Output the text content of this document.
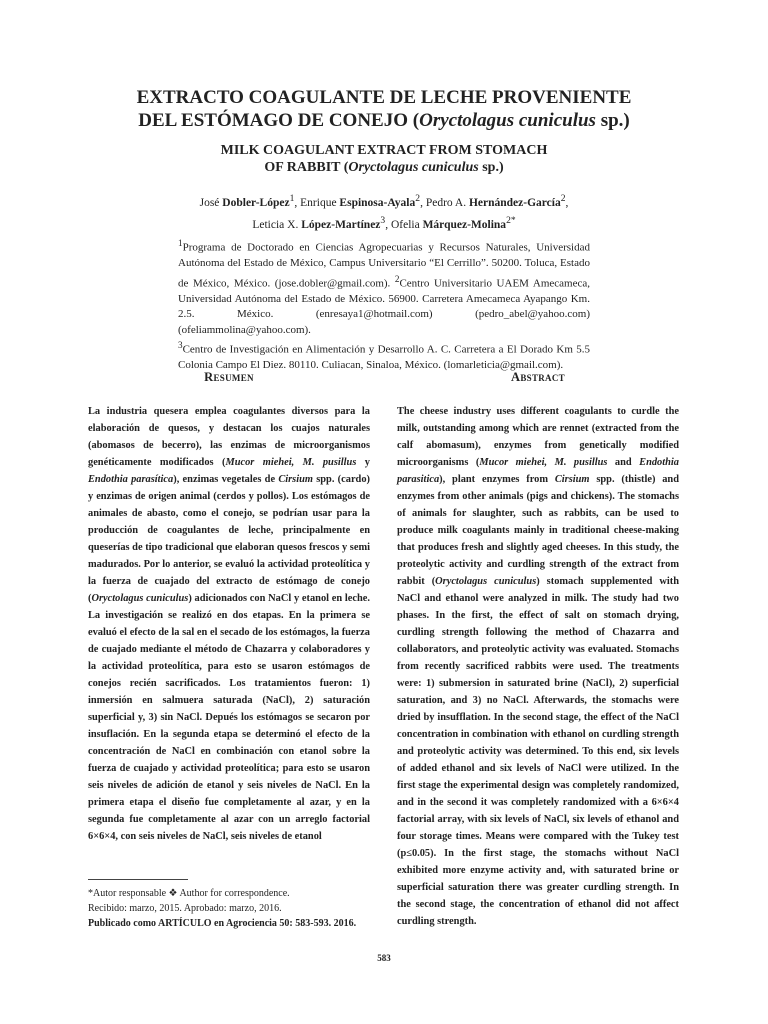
EXTRACTO COAGULANTE DE LECHE PROVENIENTE
DEL ESTÓMAGO DE CONEJO (Oryctolagus cuniculus sp.)
MILK COAGULANT EXTRACT FROM STOMACH
OF RABBIT (Oryctolagus cuniculus sp.)

José Dobler-López$^1$, Enrique Espinosa-Ayala$^2$, Pedro A. Hernández-García$^2$,
Leticia X. López-Martínez$^3$, Ofelia Márquez-Molina$^{2*}$

$^1$Programa de Doctorado en Ciencias Agropecuarias y Recursos Naturales, Universidad Autónoma del Estado de México, Campus Universitario “El Cerrillo”. 50200. Toluca, Estado de México, México. (jose.dobler@gmail.com). $^2$Centro Universitario UAEM Amecameca, Universidad Autónoma del Estado de México. 56900. Carretera Amecameca Ayapango Km. 2.5. México. (enresaya1@hotmail.com) (pedro_abel@yahoo.com) (ofeliammolina@yahoo.com).
$^3$Centro de Investigación en Alimentación y Desarrollo A. C. Carretera a El Dorado Km 5.5 Colonia Campo El Diez. 80110. Culiacan, Sinaloa, México. (lomarleticia@gmail.com).
Resumen	Abstract
La industria quesera emplea coagulantes diversos para la elaboración de quesos, y destacan los cuajos naturales (abomasos de becerro), las enzimas de microorganismos genéticamente modificados (Mucor miehei, M. pusillus y Endothia parasítica), enzimas vegetales de Cirsium spp. (cardo) y enzimas de origen animal (cerdos y pollos). Los estómagos de animales de abasto, como el conejo, se podrían usar para la producción de coagulantes de leche, principalmente en queserías de tipo tradicional que elaboran quesos frescos y semi madurados. Por lo anterior, se evaluó la actividad proteolítica y la fuerza de cuajado del extracto de estómago de conejo (Oryctolagus cuniculus) adicionados con NaCl y etanol en leche. La investigación se realizó en dos etapas. En la primera se evaluó el efecto de la sal en el secado de los estómagos, la fuerza de cuajado mediante el método de Chazarra y colaboradores y la actividad proteolítica, para esto se usaron estómagos de conejos recién sacrificados. Los tratamientos fueron: 1) inmersión en salmuera saturada (NaCl), 2) saturación superficial y, 3) sin NaCl. Depués los estómagos se secaron por insuflación. En la segunda etapa se determinó el efecto de la concentración de NaCl en combinación con etanol sobre la fuerza de cuajado y actividad proteolítica; para esto se usaron seis niveles de adición de etanol y seis niveles de NaCl. En la primera etapa el diseño fue completamente al azar, y en la segunda fue completamente al azar con un arreglo factorial 6×6×4, con seis niveles de NaCl, seis niveles de etanol
The cheese industry uses different coagulants to curdle the milk, outstanding among which are rennet (extracted from the calf abomasum), enzymes from genetically modified microorganisms (Mucor miehei, M. pusillus and Endothia parasitica), plant enzymes from Cirsium spp. (thistle) and enzymes from other animals (pigs and chickens). The stomachs of animals for slaughter, such as rabbits, can be used to produce milk coagulants mainly in traditional cheese-making that produces fresh and slightly aged cheeses. In this study, the proteolytic activity and curdling strength of the extract from rabbit (Oryctolagus cuniculus) stomach supplemented with NaCl and ethanol were analyzed in milk. The study had two phases. In the first, the effect of salt on stomach drying, curdling strength following the method of Chazarra and collaborators, and proteolytic activity was evaluated. Stomachs from recently sacrificed rabbits were used. The treatments were: 1) submersion in saturated brine (NaCl), 2) superficial saturation, and 3) no NaCl. Afterwards, the stomachs were dried by insufflation. In the second stage, the effect of the NaCl concentration in combination with ethanol on curdling strength and proteolytic activity was determined. To this end, six levels of added ethanol and six levels of NaCl were utilized. In the first stage the experimental design was completely randomized, and in the second it was completely randomized with a 6×6×4 factorial array, with six levels of NaCl, six levels of ethanol and four storage times. Means were compared with the Tukey test (p≤0.05). In the first stage, the stomachs without NaCl exhibited more enzyme activity and, with saturated brine or superficial saturation there was greater curdling strength. In the second stage, the concentration of ethanol did not affect curdling strength.
*Autor responsable ❖ Author for correspondence.
Recibido: marzo, 2015. Aprobado: marzo, 2016.
Publicado como ARTÍCULO en Agrociencia 50: 583-593. 2016.
583
